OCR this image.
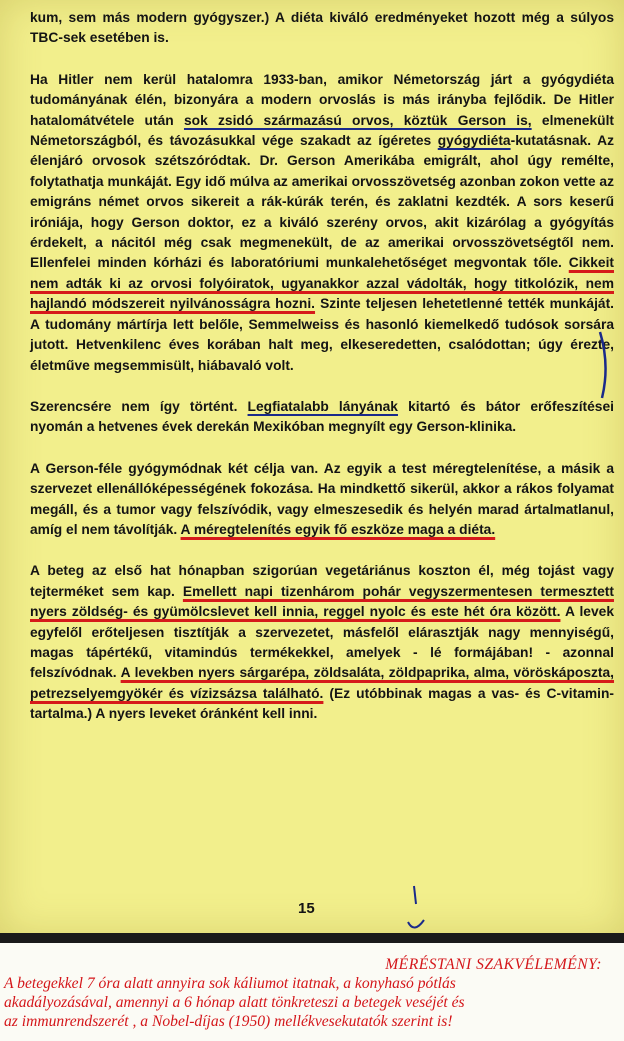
kum, sem más modern gyógyszer.) A diéta kiváló eredményeket hozott még a súlyos TBC-sek esetében is.

Ha Hitler nem kerül hatalomra 1933-ban, amikor Németország járt a gyógydiéta tudományának élén, bizonyára a modern orvoslás is más irányba fejlődik. De Hitler hatalomátvétele után sok zsidó származású orvos, köztük Gerson is, elmenekült Németországból, és távozásukkal vége szakadt az ígéretes gyógydiéta-kutatásnak. Az élenjáró orvosok szétszóródtak. Dr. Gerson Amerikába emigrált, ahol úgy remélte, folytathatja munkáját. Egy idő múlva az amerikai orvosszövetség azonban zokon vette az emigráns német orvos sikereit a rák-kúrák terén, és zaklatni kezdték. A sors keserű iróniája, hogy Gerson doktor, ez a kiváló szerény orvos, akit kizárólag a gyógyítás érdekelt, a nácitól még csak megmenekült, de az amerikai orvosszövetségtől nem. Ellenfelei minden kórházi és laboratóriumi munkalehetőséget megvontak tőle. Cikkeit nem adták ki az orvosi folyóiratok, ugyanakkor azzal vádolták, hogy titkolózik, nem hajlandó módszereit nyilvánosságra hozni. Szinte teljesen lehetetlenné tették munkáját. A tudomány mártírja lett belőle, Semmelweiss és hasonló kiemelkedő tudósok sorsára jutott. Hetvenkilenc éves korában halt meg, elkeseredetten, csalódottan; úgy érezte, életműve megsemmisült, hiábavaló volt.

Szerencsére nem így történt. Legfiatalabb lányának kitartó és bátor erőfeszítései nyomán a hetvenes évek derekán Mexikóban megnyílt egy Gerson-klinika.

A Gerson-féle gyógymódnak két célja van. Az egyik a test méregtelenítése, a másik a szervezet ellenállóképességének fokozása. Ha mindkettő sikerül, akkor a rákos folyamat megáll, és a tumor vagy felszívódik, vagy elmeszesedik és helyén marad ártalmatlanul, amíg el nem távolítják. A méregtelenítés egyik fő eszköze maga a diéta.

A beteg az első hat hónapban szigorúan vegetáriánus koszton él, még tojást vagy tejterméket sem kap. Emellett napi tizenhárom pohár vegyszermentesen termesztett nyers zöldség- és gyümölcslevet kell innia, reggel nyolc és este hét óra között. A levek egyfelől erőteljesen tisztítják a szervezetet, másfelől elárasztják nagy mennyiségű, magas tápértékű, vitamindús termékekkel, amelyek - lé formájában! - azonnal felszívódnak. A levekben nyers sárgarépa, zöldsaláta, zöldpaprika, alma, vöröskáposzta, petrezselyemgyökér és vízizsázsa található. (Ez utóbbinak magas a vas- és C-vitamin-tartalma.) A nyers leveket óránként kell inni.

15
MÉRÉSTANI SZAKVÉLEMÉNY:
A betegekkel 7 óra alatt annyira sok káliumot itatnak, a konyhasó pótlás
akadályozásával, amennyi a 6 hónap alatt tönkreteszi a betegek veséjét és
az immunrendszerét , a Nobel-díjas (1950) mellékvesekutatók szerint is!
